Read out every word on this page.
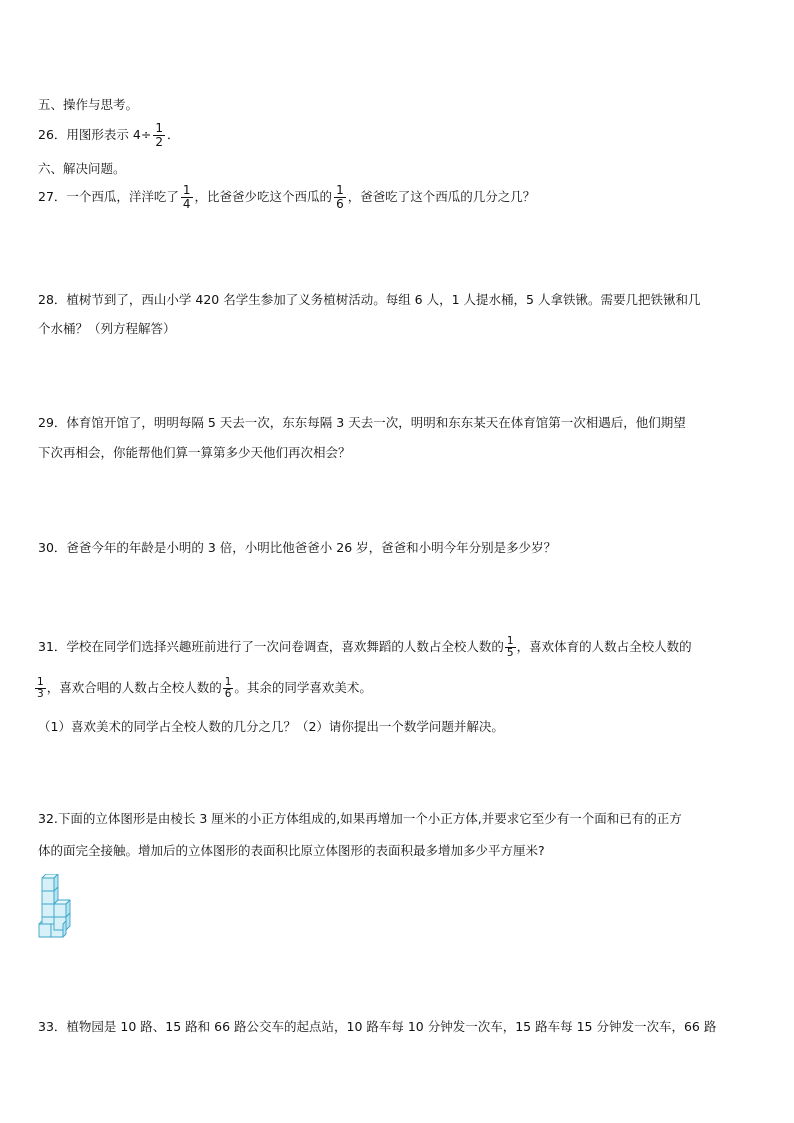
五、操作与思考。
26．用图形表示 $4\div \frac{1}{2}$ ．
六、解决问题。
27．一个西瓜，洋洋吃了 $\frac{1}{4}$ ，比爸爸少吃这个西瓜的 $\frac{1}{6}$ ，爸爸吃了这个西瓜的几分之几？
28．植树节到了，西山小学 420 名学生参加了义务植树活动。每组 6 人，1 人提水桶，5 人拿铁锹。需要几把铁锹和几
个水桶？（列方程解答）
29．体育馆开馆了，明明每隔 5 天去一次，东东每隔 3 天去一次，明明和东东某天在体育馆第一次相遇后，他们期望
下次再相会，你能帮他们算一算第多少天他们再次相会？
30．爸爸今年的年龄是小明的 3 倍，小明比他爸爸小 26 岁，爸爸和小明今年分别是多少岁？
31．学校在同学们选择兴趣班前进行了一次问卷调查，喜欢舞蹈的人数占全校人数的 $\frac{1}{5}$ ，喜欢体育的人数占全校人数的
$\frac{1}{3}$ ，喜欢合唱的人数占全校人数的 $\frac{1}{6}$ 。其余的同学喜欢美术。
（1）喜欢美术的同学占全校人数的几分之几？（2）请你提出一个数学问题并解决。
32.下面的立体图形是由棱长 3 厘米的小正方体组成的,如果再增加一个小正方体,并要求它至少有一个面和已有的正方
体的面完全接触。增加后的立体图形的表面积比原立体图形的表面积最多增加多少平方厘米?
33．植物园是 10 路、15 路和 66 路公交车的起点站，10 路车每 10 分钟发一次车，15 路车每 15 分钟发一次车，66 路
